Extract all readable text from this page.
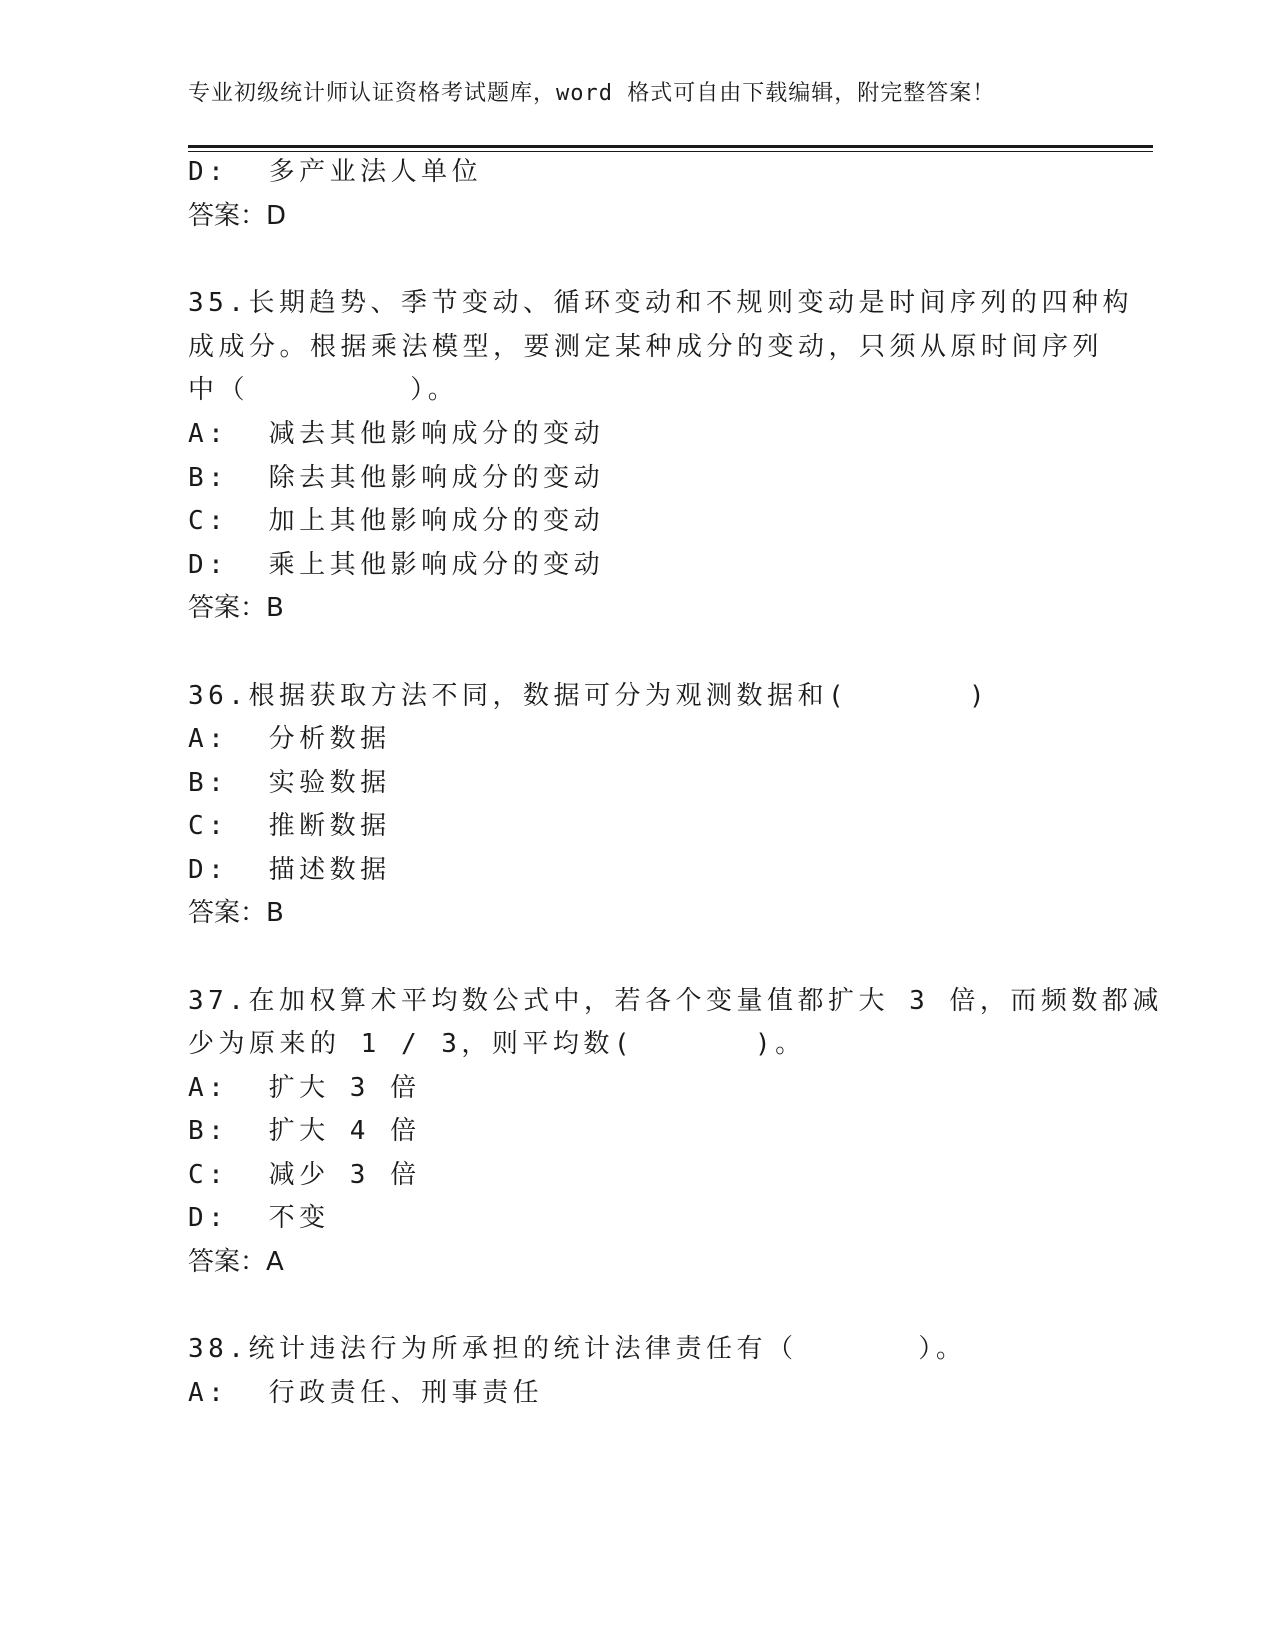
专业初级统计师认证资格考试题库，word 格式可自由下载编辑，附完整答案！
D:  多产业法人单位
答案：D
35.长期趋势、季节变动、循环变动和不规则变动是时间序列的四种构
成成分。根据乘法模型，要测定某种成分的变动，只须从原时间序列
中（        ）。
A:  减去其他影响成分的变动
B:  除去其他影响成分的变动
C:  加上其他影响成分的变动
D:  乘上其他影响成分的变动
答案：B
36.根据获取方法不同，数据可分为观测数据和(      )
A:  分析数据
B:  实验数据
C:  推断数据
D:  描述数据
答案：B
37.在加权算术平均数公式中，若各个变量值都扩大 3 倍，而频数都减
少为原来的 1 / 3，则平均数(      )。
A:  扩大 3 倍
B:  扩大 4 倍
C:  减少 3 倍
D:  不变
答案：A
38.统计违法行为所承担的统计法律责任有（      ）。
A:  行政责任、刑事责任
